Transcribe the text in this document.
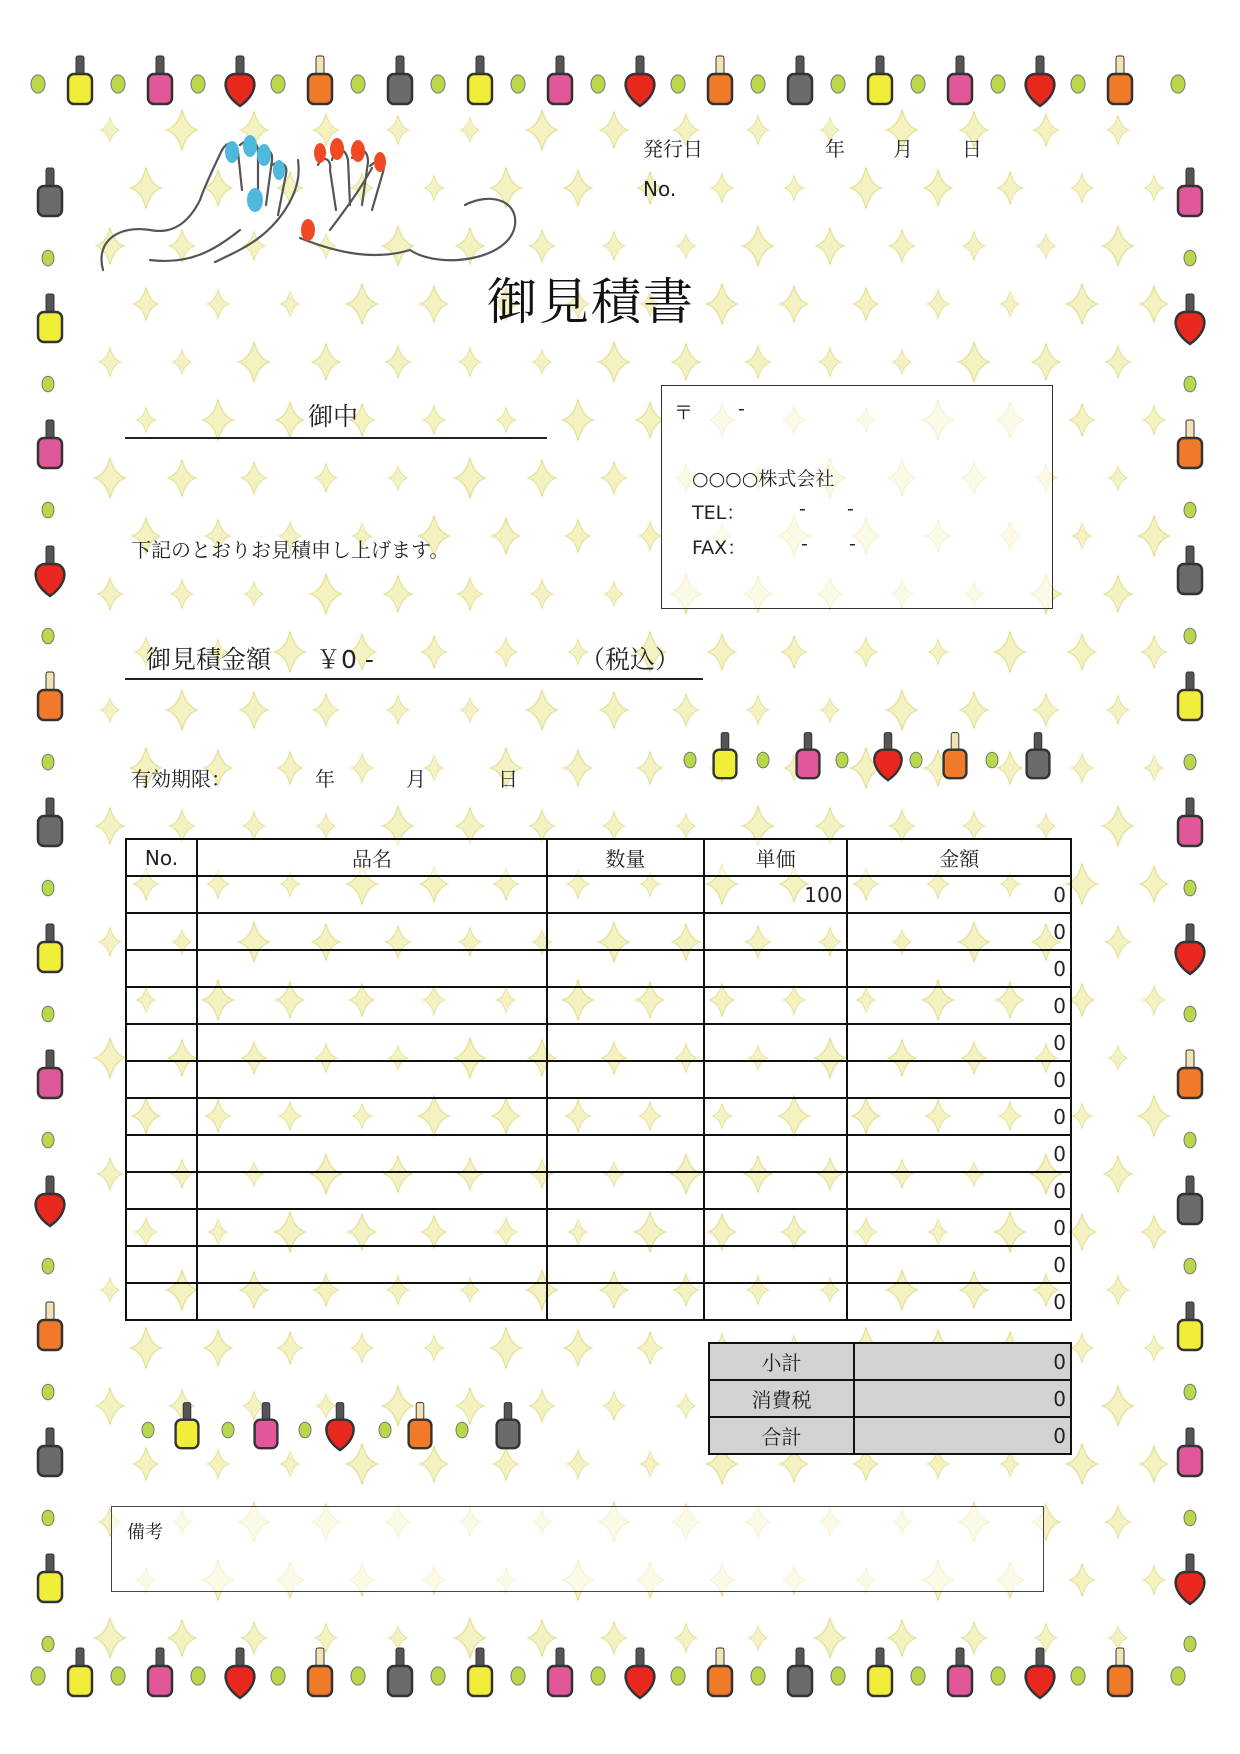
御見積書
発行日	年 月 日
No.
御中
下記のとおりお見積申し上げます。
〒 -
○○○○株式会社
TEL：	- -
FAX：	- -
御見積金額 ￥0 -	（税込）
有効期限：	年	月	日
No.	品名	数量	単価	金額
			100	0
				0
				0
				0
				0
				0
				0
				0
				0
				0
				0
				0
小計	0
消費税	0
合計	0
備考
